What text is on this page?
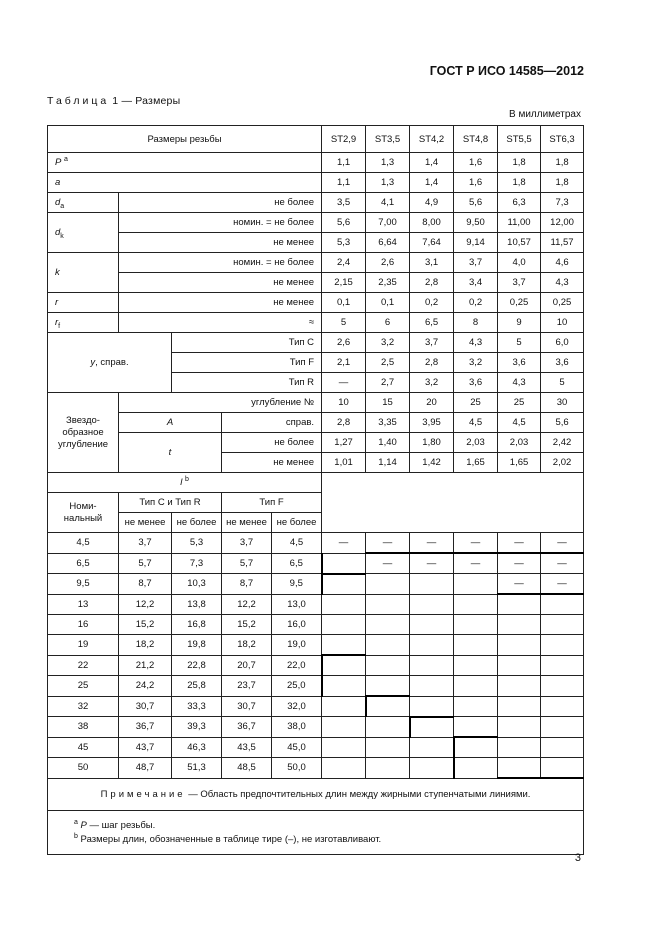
ГОСТ Р ИСО 14585—2012
Таблица 1 — Размеры
В миллиметрах
Размеры резьбы					ST2,9	ST3,5	ST4,2	ST4,8	ST5,5	ST6,3
P $^a$					1,1	1,3	1,4	1,6	1,8	1,8
a					1,1	1,3	1,4	1,6	1,8	1,8
$d_a$	не более				3,5	4,1	4,9	5,6	6,3	7,3
$d_k$	номин. = не более				5,6	7,00	8,00	9,50	11,00	12,00
	не менее				5,3	6,64	7,64	9,14	10,57	11,57
k	номин. = не более				2,4	2,6	3,1	3,7	4,0	4,6
	не менее				2,15	2,35	2,8	3,4	3,7	4,3
r	не менее				0,1	0,1	0,2	0,2	0,25	0,25
$r_f$	≈				5	6	6,5	8	9	10
y, справ.		Тип C			2,6	3,2	3,7	4,3	5	6,0
		Тип F			2,1	2,5	2,8	3,2	3,6	3,6
		Тип R			—	2,7	3,2	3,6	4,3	5
Звездо-образное углубление	углубление №				10	15	20	25	25	30
	A		справ.		2,8	3,35	3,95	4,5	4,5	5,6
	t		не более		1,27	1,40	1,80	2,03	2,03	2,42
			не менее		1,01	1,14	1,42	1,65	1,65	2,02
l $^b$	
Номи-нальный	Тип C и Тип R		Тип F							
	не менее	не более	не менее	не более						
4,5	3,7	5,3	3,7	4,5	—	—	—	—	—	—
6,5	5,7	7,3	5,7	6,5		—	—	—	—	—
9,5	8,7	10,3	8,7	9,5					—	—
13	12,2	13,8	12,2	13,0						
16	15,2	16,8	15,2	16,0						
19	18,2	19,8	18,2	19,0						
22	21,2	22,8	20,7	22,0						
25	24,2	25,8	23,7	25,0						
32	30,7	33,3	30,7	32,0						
38	36,7	39,3	36,7	38,0						
45	43,7	46,3	43,5	45,0						
50	48,7	51,3	48,5	50,0						
Примечание — Область предпочтительных длин между жирными ступенчатыми линиями.										

$^a$ P — шаг резьбы.
$^b$ Размеры длин, обозначенные в таблице тире (–), не изготавливают.										
3
